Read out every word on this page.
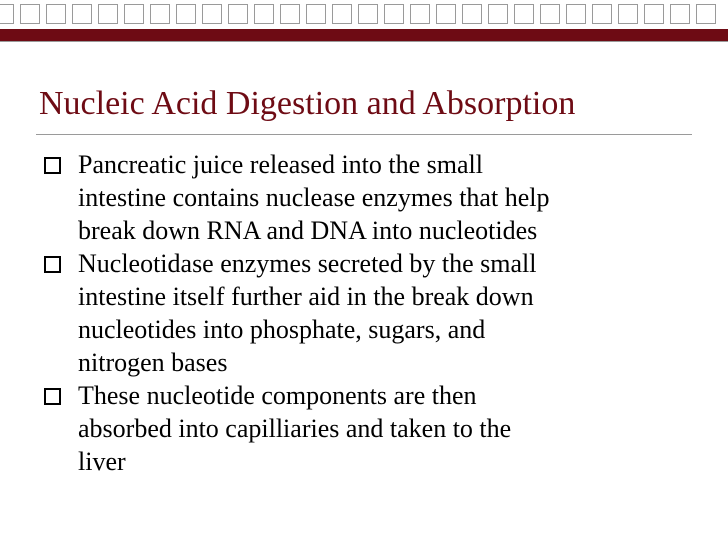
Nucleic Acid Digestion and Absorption
Pancreatic juice released into the small
intestine contains nuclease enzymes that help
break down RNA and DNA into nucleotides
Nucleotidase enzymes secreted by the small
intestine itself further aid in the break down
nucleotides into phosphate, sugars, and
nitrogen bases
These nucleotide components are then
absorbed into capilliaries and taken to the
liver
